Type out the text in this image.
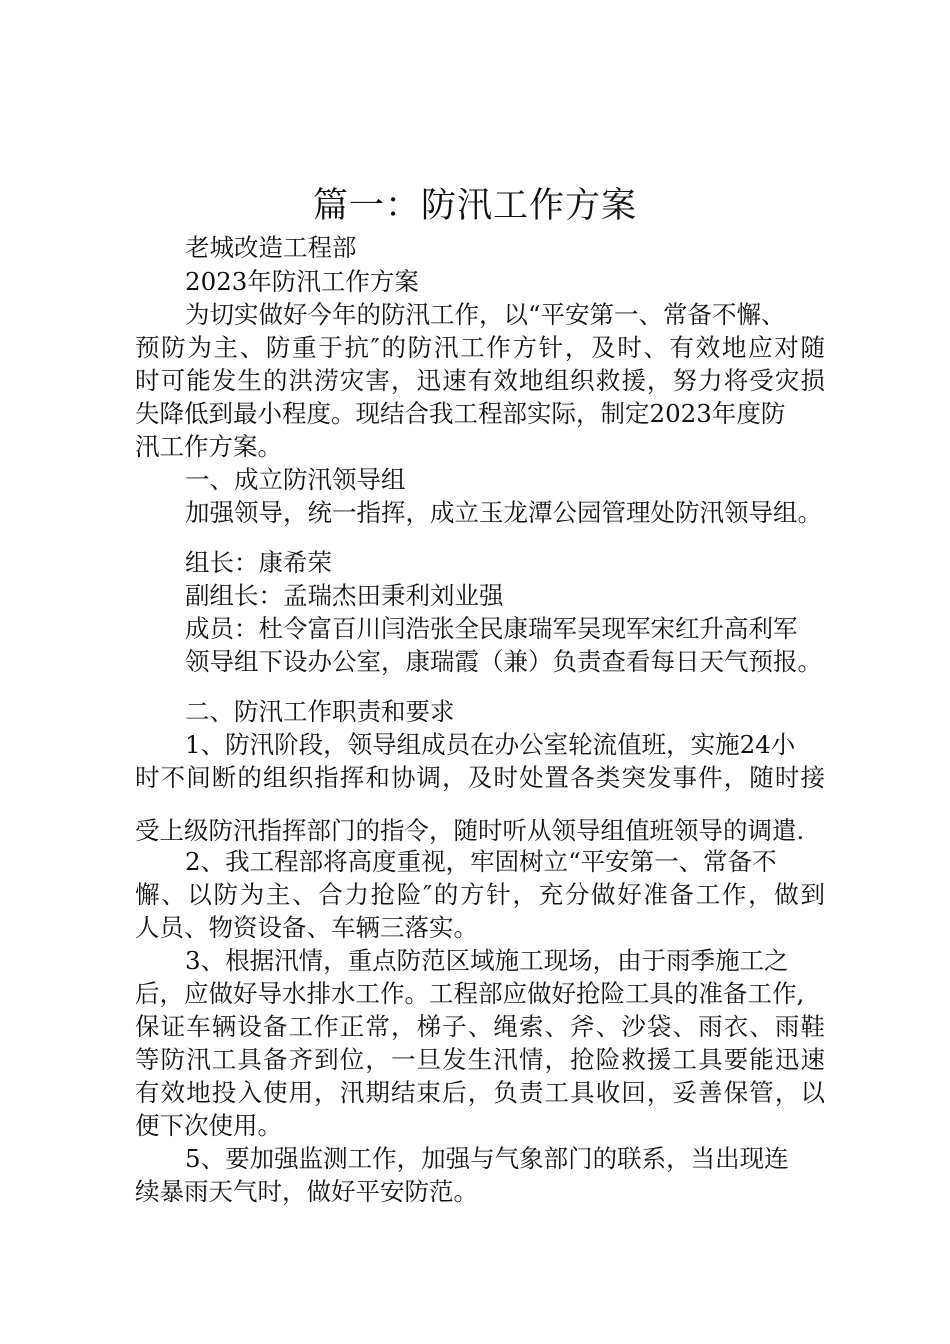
篇一：防汛工作方案
老城改造工程部
2023年防汛工作方案
为切实做好今年的防汛工作，以“平安第一、常备不懈、
预防为主、防重于抗″的防汛工作方针，及时、有效地应对随
时可能发生的洪涝灾害，迅速有效地组织救援，努力将受灾损
失降低到最小程度。现结合我工程部实际，制定2023年度防
汛工作方案。
一、成立防汛领导组
加强领导，统一指挥，成立玉龙潭公园管理处防汛领导组。
组长：康希荣
副组长：孟瑞杰田秉利刘业强
成员：杜令富百川闫浩张全民康瑞军吴现军宋红升高利军
领导组下设办公室，康瑞霞（兼）负责查看每日天气预报。
二、防汛工作职责和要求
1、防汛阶段，领导组成员在办公室轮流值班，实施24小
时不间断的组织指挥和协调，及时处置各类突发事件，随时接
受上级防汛指挥部门的指令，随时听从领导组值班领导的调遣.
2、我工程部将高度重视，牢固树立“平安第一、常备不
懈、以防为主、合力抢险″的方针，充分做好准备工作，做到
人员、物资设备、车辆三落实。
3、根据汛情，重点防范区域施工现场，由于雨季施工之
后，应做好导水排水工作。工程部应做好抢险工具的准备工作,
保证车辆设备工作正常，梯子、绳索、斧、沙袋、雨衣、雨鞋
等防汛工具备齐到位，一旦发生汛情，抢险救援工具要能迅速
有效地投入使用，汛期结束后，负责工具收回，妥善保管，以
便下次使用。
5、要加强监测工作，加强与气象部门的联系，当出现连
续暴雨天气时，做好平安防范。
